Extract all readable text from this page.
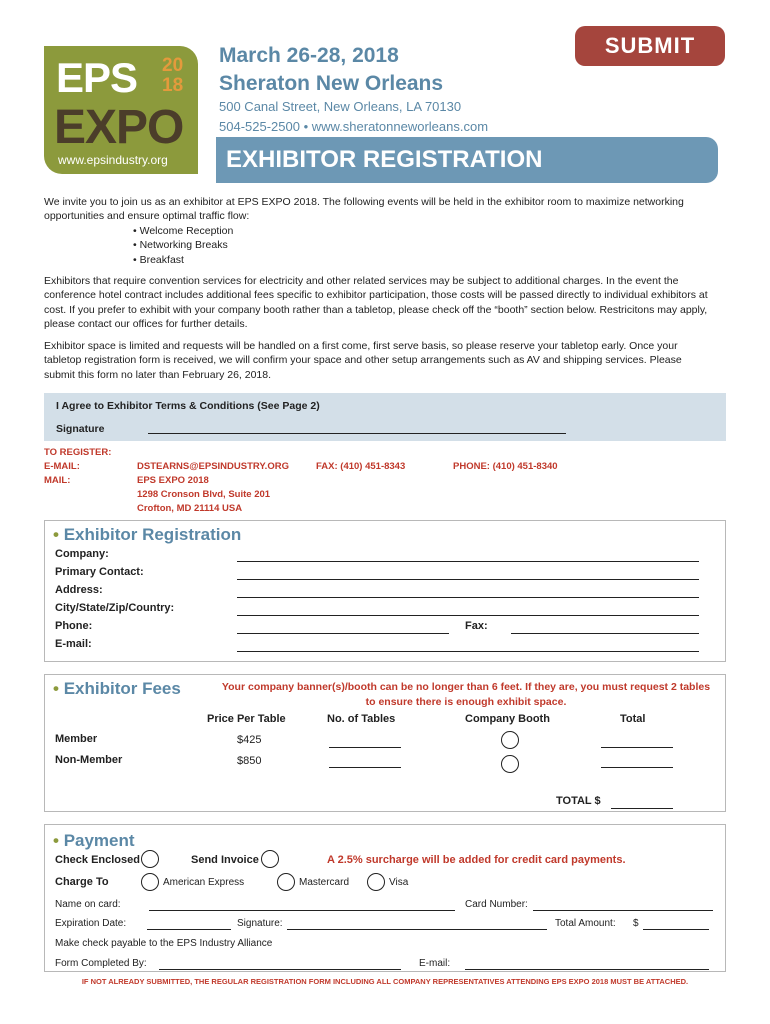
EPS 20
18
EXPO
www.epsindustry.org
March 26-28, 2018
Sheraton New Orleans
500 Canal Street, New Orleans, LA 70130
504-525-2500 • www.sheratonneworleans.com
SUBMIT
EXHIBITOR REGISTRATION

We invite you to join us as an exhibitor at EPS EXPO 2018. The following events will be held in the exhibitor room to maximize networking opportunities and ensure optimal traffic flow:

• Welcome Reception
• Networking Breaks
• Breakfast

Exhibitors that require convention services for electricity and other related services may be subject to additional charges. In the event the conference hotel contract includes additional fees specific to exhibitor participation, those costs will be passed directly to individual exhibitors at cost. If you prefer to exhibit with your company booth rather than a tabletop, please check off the “booth” section below. Restricitons may apply, please contact our offices for further details.

Exhibitor space is limited and requests will be handled on a first come, first serve basis, so please reserve your tabletop early. Once your tabletop registration form is received, we will confirm your space and other setup arrangements such as AV and shipping services. Please submit this form no later than February 26, 2018.

I Agree to Exhibitor Terms & Conditions (See Page 2)
Signature
TO REGISTER:
E-MAIL:	DSTEARNS@EPSINDUSTRY.ORG	FAX: (410) 451-8343	PHONE: (410) 451-8340
MAIL:	EPS EXPO 2018
1298 Cronson Blvd, Suite 201
Crofton, MD 21114 USA
• Exhibitor Registration
Company:
Primary Contact:
Address:
City/State/Zip/Country:
Phone:	Fax:
E-mail:
• Exhibitor Fees	Your company banner(s)/booth can be no longer than 6 feet. If they are, you must request 2 tables to ensure there is enough exhibit space.
Price Per Table	No. of Tables	Company Booth	Total
Member	$425
Non-Member	$850
TOTAL $
• Payment
Check Enclosed	Send Invoice	A 2.5% surcharge will be added for credit card payments.
Charge To	American Express	Mastercard	Visa
Name on card:	Card Number:
Expiration Date:	Signature:	Total Amount: $
Make check payable to the EPS Industry Alliance
Form Completed By:	E-mail:
IF NOT ALREADY SUBMITTED, THE REGULAR REGISTRATION FORM INCLUDING ALL COMPANY REPRESENTATIVES ATTENDING EPS EXPO 2018 MUST BE ATTACHED.
